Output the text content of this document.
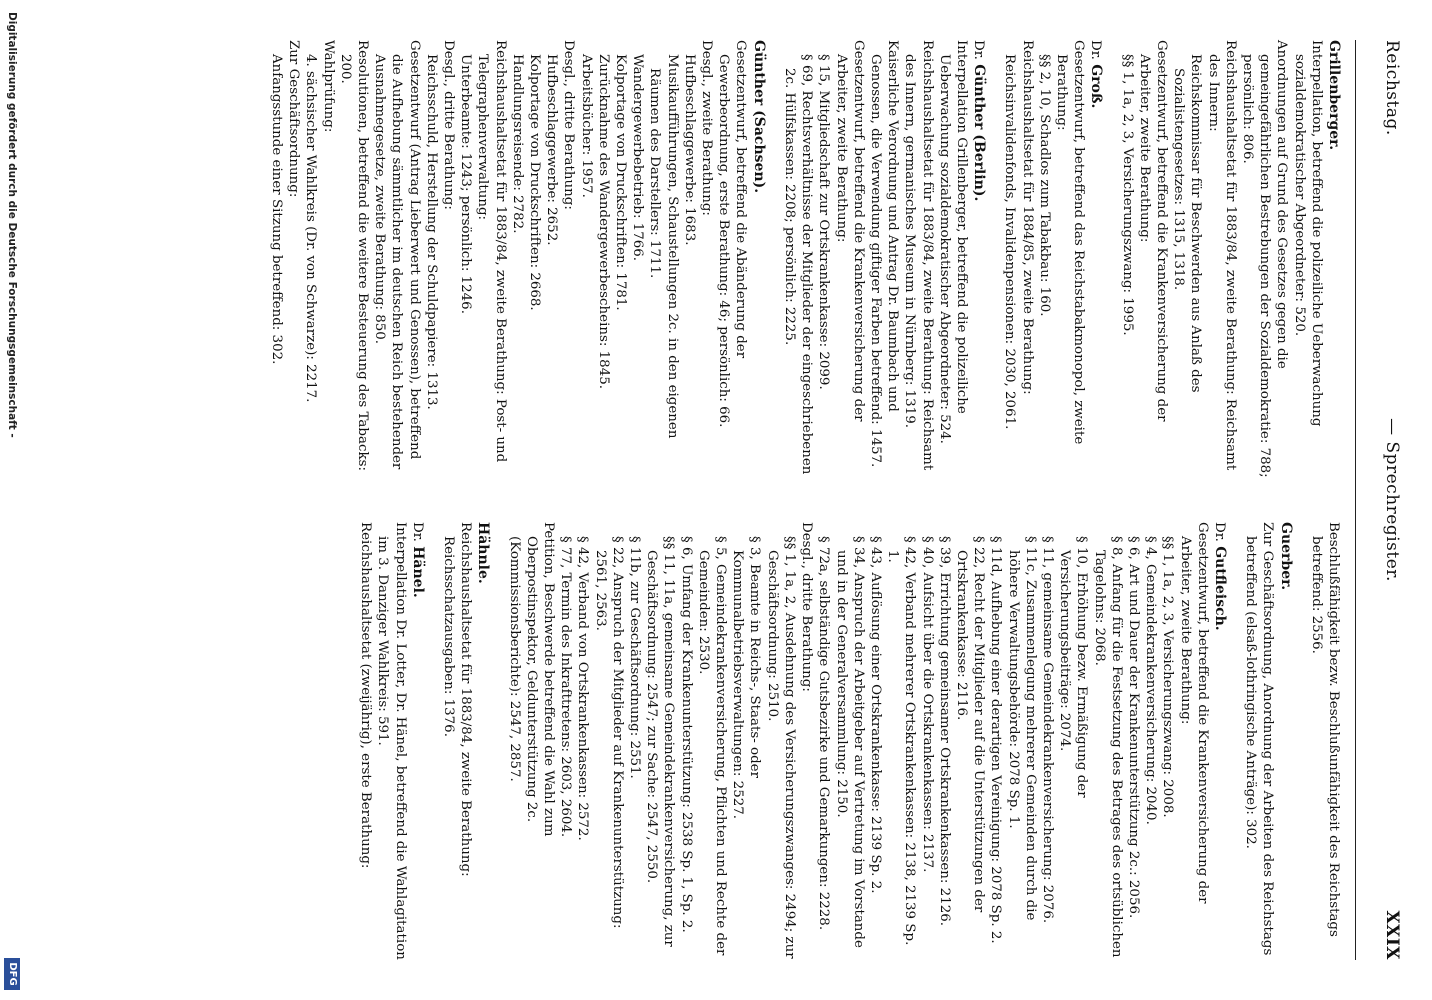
Reichstag.
— Sprechregister.
XXIX
Grillenberger.
Interpellation, betreffend die polizeiliche Ueberwachung sozialdemokratischer Abgeordneter: 520.
Anordnungen auf Grund des Gesetzes gegen die gemeingefährlichen Bestrebungen der Sozialdemokratie: 788; persönlich: 806.
Reichshaushaltsetat für 1883/84, zweite Berathung: Reichsamt des Innern:
Reichskommissar für Beschwerden aus Anlaß des Sozialistengesetzes: 1315, 1318.
Gesetzentwurf, betreffend die Krankenversicherung der Arbeiter, zweite Berathung:
§§ 1, 1a, 2, 3, Versicherungszwang: 1995.
Dr. Groß.
Gesetzentwurf, betreffend das Reichstabakmonopol, zweite Berathung:
§§ 2, 10, Schadlos zum Tabakbau: 160.
Reichshaushaltsetat für 1884/85, zweite Berathung: Reichsinvalidenfonds, Invalidenpensionen: 2030, 2061.
Dr. Günther (Berlin).
Interpellation Grillenberger, betreffend die polizeiliche Ueberwachung sozialdemokratischer Abgeordneter: 524.
Reichshaushaltsetat für 1883/84, zweite Berathung: Reichsamt des Innern, germanisches Museum in Nürnberg: 1319.
Kaiserliche Verordnung und Antrag Dr. Baumbach und Genossen, die Verwendung giftiger Farben betreffend: 1457.
Gesetzentwurf, betreffend die Krankenversicherung der Arbeiter, zweite Berathung:
§ 15, Mitgliedschaft zur Ortskrankenkasse: 2099.
§ 69, Rechtsverhältnisse der Mitglieder der eingeschriebenen 2c. Hülfskassen: 2208; persönlich: 2225.
Günther (Sachsen).
Gesetzentwurf, betreffend die Abänderung der Gewerbeordnung, erste Berathung: 46; persönlich: 66.
Desgl., zweite Berathung:
Hufbeschlaggewerbe: 1683.
Musikaufführungen, Schaustellungen 2c. in den eigenen Räumen des Darstellers: 1711.
Wandergewerbebetrieb: 1766.
Kolportage von Druckschriften: 1781.
Zurücknahme des Wandergewerbescheins: 1845.
Arbeitsbücher: 1957.
Desgl., dritte Berathung:
Hufbeschlaggewerbe: 2652.
Kolportage von Druckschriften: 2668.
Handlungsreisende: 2782.
Reichshaushaltsetat für 1883/84, zweite Berathung: Post- und Telegraphenverwaltung:
Unterbeamte: 1243; persönlich: 1246.
Desgl., dritte Berathung:
Reichsschuld, Herstellung der Schuldpapiere: 1313.
Gesetzentwurf (Antrag Lieberwert und Genossen), betreffend die Aufhebung sämmtlicher im deutschen Reich bestehender Ausnahmegesetze, zweite Berathung: 850.
Resolutionen, betreffend die weitere Besteuerung des Tabacks: 200.
Wahlprüfung:
4. sächsischer Wahlkreis (Dr. von Schwarze): 2217.
Zur Geschäftsordnung:
Anfangsstunde einer Sitzung betreffend: 302.
Beschlußfähigkeit bezw. Beschlußunfähigkeit des Reichstags betreffend: 2556.
Guerber.
Zur Geschäftsordnung, Anordnung der Arbeiten des Reichstags betreffend (elsaß-lothringische Anträge): 302.
Dr. Gutfleisch.
Gesetzentwurf, betreffend die Krankenversicherung der Arbeiter, zweite Berathung:
§§ 1, 1a, 2, 3, Versicherungszwang: 2008.
§ 4, Gemeindekrankenversicherung: 2040.
§ 6, Art und Dauer der Krankenunterstützung 2c.: 2056.
§ 8, Anfang für die Festsetzung des Betrages des ortsüblichen Tagelohns: 2068.
§ 10, Erhöhung bezw. Ermäßigung der Versicherungsbeiträge: 2074.
§ 11, gemeinsame Gemeindekrankenversicherung: 2076.
§ 11c, Zusammenlegung mehrerer Gemeinden durch die höhere Verwaltungsbehörde: 2078 Sp. 1.
§ 11d, Aufhebung einer derartigen Vereinigung: 2078 Sp. 2.
§ 22, Recht der Mitglieder auf die Unterstützungen der Ortskrankenkasse: 2116.
§ 39, Errichtung gemeinsamer Ortskrankenkassen: 2126.
§ 40, Aufsicht über die Ortskrankenkassen: 2137.
§ 42, Verband mehrerer Ortskrankenkassen: 2138, 2139 Sp. 1.
§ 43, Auflösung einer Ortskrankenkasse: 2139 Sp. 2.
§ 34, Anspruch der Arbeitgeber auf Vertretung im Vorstande und in der Generalversammlung: 2150.
§ 72a, selbständige Gutsbezirke und Gemarkungen: 2228.
Desgl., dritte Berathung:
§§ 1, 1a, 2, Ausdehnung des Versicherungszwanges: 2494; zur Geschäftsordnung: 2510.
§ 3, Beamte in Reichs-, Staats- oder Kommunalbetriebsverwaltungen: 2527.
§ 5, Gemeindekrankenversicherung, Pflichten und Rechte der Gemeinden: 2530.
§ 6, Umfang der Krankenunterstützung: 2538 Sp. 1, Sp. 2.
§§ 11, 11a, gemeinsame Gemeindekrankenversicherung, zur Geschäftsordnung: 2547; zur Sache: 2547, 2550.
§ 11b, zur Geschäftsordnung: 2551.
§ 22, Anspruch der Mitglieder auf Krankenunterstützung: 2561, 2563.
§ 42, Verband von Ortskrankenkassen: 2572.
§ 77, Termin des Inkrafttretens: 2603, 2604.
Petition, Beschwerde betreffend die Wahl zum Oberpostinspektor, Geldunterstützung 2c. (Kommissionsberichte): 2547, 2857.
Hähnle.
Reichshaushaltsetat für 1883/84, zweite Berathung: Reichsschatzausgaben: 1376.
Dr. Hänel.
Interpellation Dr. Lotter, Dr. Hänel, betreffend die Wahlagitation im 3. Danziger Wahlkreis: 591.
Reichshaushaltsetat (zweijährig), erste Berathung:
Digitalisierung gefördert durch die Deutsche Forschungsgemeinschaft -
DFG
